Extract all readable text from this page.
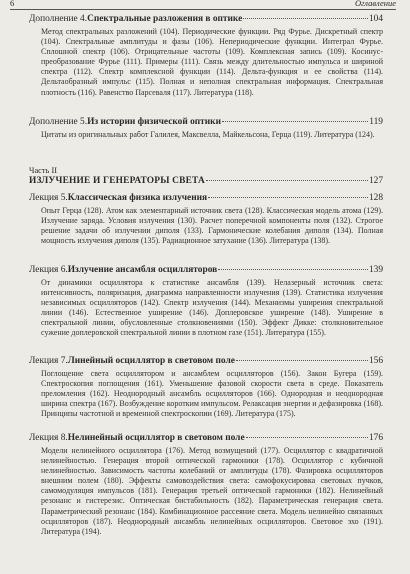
6	Оглавление
Дополнение 4. Спектральные разложения в оптике	104
Метод спектральных разложений (104). Периодические функции. Ряд Фурье. Дискретный спектр (104). Спектральные амплитуды и фазы (106). Непериодические функции. Интеграл Фурье. Сплошной спектр (106). Отрицательные частоты (109). Комплексная запись (109). Косинус-преобразование Фурье (111). Примеры (111). Связь между длительностью импульса и шириной спектра (112). Спектр комплексной функции (114). Дельта-функция и ее свойства (114). Дельтаобразный импульс (115). Полная и неполная спектральная информация. Спектральная плотность (116). Равенство Парсеваля (117). Литература (118).
Дополнение 5. Из истории физической оптики	119
Цитаты из оригинальных работ Галилея, Максвелла, Майкельсона, Герца (119). Литература (124).
Часть II
ИЗЛУЧЕНИЕ И ГЕНЕРАТОРЫ СВЕТА	127
Лекция 5. Классическая физика излучения	128
Опыт Герца (128). Атом как элементарный источник света (128). Классическая модель атома (129). Излучение заряда. Условия излучения (130). Расчет поперечной компоненты поля (132). Строгое решение задачи об излучении диполя (133). Гармонические колебания диполя (134). Полная мощность излучения диполя (135). Радиационное затухание (136). Литература (138).
Лекция 6. Излучение ансамбля осцилляторов	139
От динамики осциллятора к статистике ансамбля (139). Нелазерный источник света: интенсивность, поляризация, диаграмма направленности излучения (139). Статистика излучения независимых осцилляторов (142). Спектр излучения (144). Механизмы уширения спектральной линии (146). Естественное уширение (146). Доплеровское уширение (148). Уширение в спектральной линии, обусловленные столкновениями (150). Эффект Дикке: столкновительное сужение доплеровской спектральной линии в плотном газе (151). Литература (155).
Лекция 7. Линейный осциллятор в световом поле	156
Поглощение света осциллятором и ансамблем осцилляторов (156). Закон Бугера (159). Спектроскопия поглощения (161). Уменьшение фазовой скорости света в среде. Показатель преломления (162). Неоднородный ансамбль осцилляторов (166). Однородная и неоднородная ширина спектра (167). Возбуждение коротким импульсом. Релаксация энергии и дефазировка (168). Принципы частотной и временной спектроскопии (169). Литература (175).
Лекция 8. Нелинейный осциллятор в световом поле	176
Модели нелинейного осциллятора (176). Метод возмущений (177). Осциллятор с квадратичной нелинейностью. Генерация второй оптической гармоники (178). Осциллятор с кубичной нелинейностью. Зависимость частоты колебаний от амплитуды (178). Фазировка осцилляторов внешним полем (180). Эффекты самовоздействия света: самофокусировка световых пучков, самомодуляция импульсов (181). Генерация третьей оптической гармоники (182). Нелинейный резонанс и гистерезис. Оптическая бистабильность (182). Параметрическая генерация света. Параметрический резонанс (184). Комбинационное рассеяние света. Модель нелинейно связанных осцилляторов (187). Неоднородный ансамбль нелинейных осцилляторов. Световое эхо (191). Литература (194).
